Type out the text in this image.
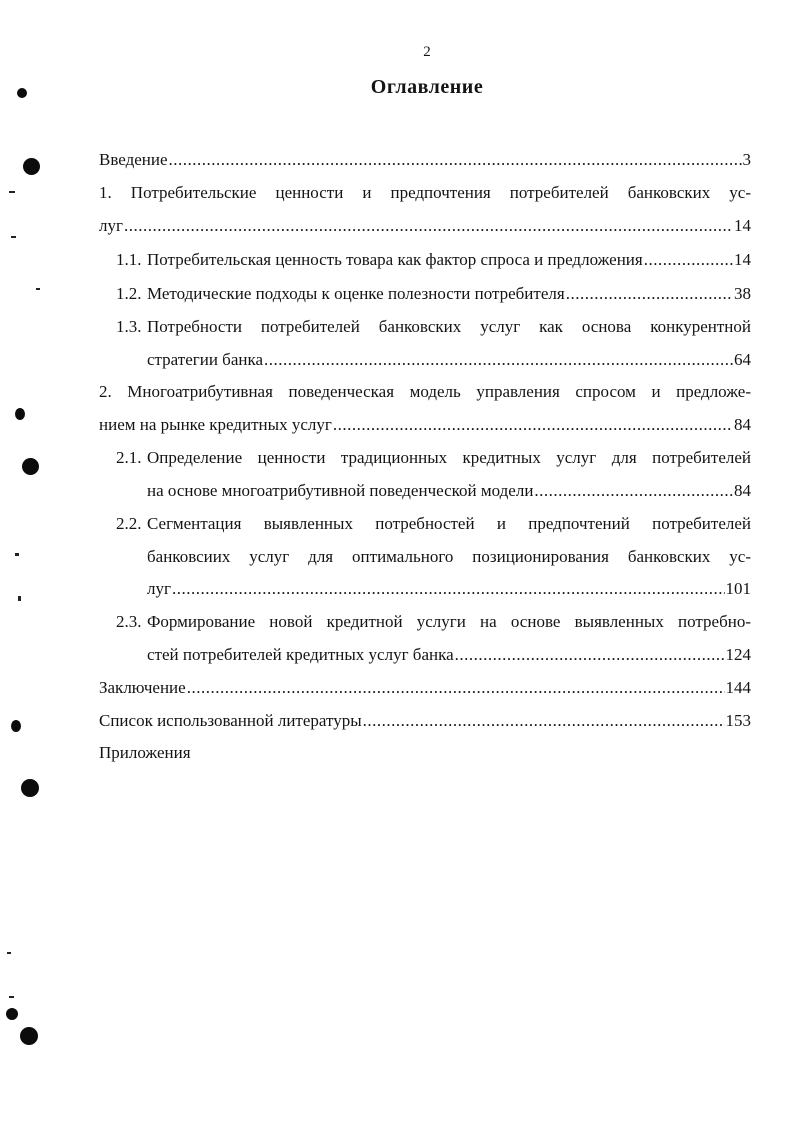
2
Оглавление
Введение .....	3
1. Потребительские ценности и предпочтения потребителей банковских ус-
луг .....	14
1.1. Потребительская ценность товара как фактор спроса и предложения .....	14
1.2. Методические подходы к оценке полезности потребителя .....	38
1.3. Потребности потребителей банковских услуг как основа конкурентной
стратегии банка .....	64
2. Многоатрибутивная поведенческая модель управления спросом и предложе-
нием на рынке кредитных услуг .....	84
2.1. Определение ценности традиционных кредитных услуг для потребителей
на основе многоатрибутивной поведенческой модели .....	84
2.2. Сегментация выявленных потребностей и предпочтений потребителей
банковсиих услуг для оптимального позиционирования банковских ус-
луг .....	101
2.3. Формирование новой кредитной услуги на основе выявленных потребно-
стей потребителей кредитных услуг банка .....	124
Заключение .....	144
Список использованной литературы .....	153
Приложения
